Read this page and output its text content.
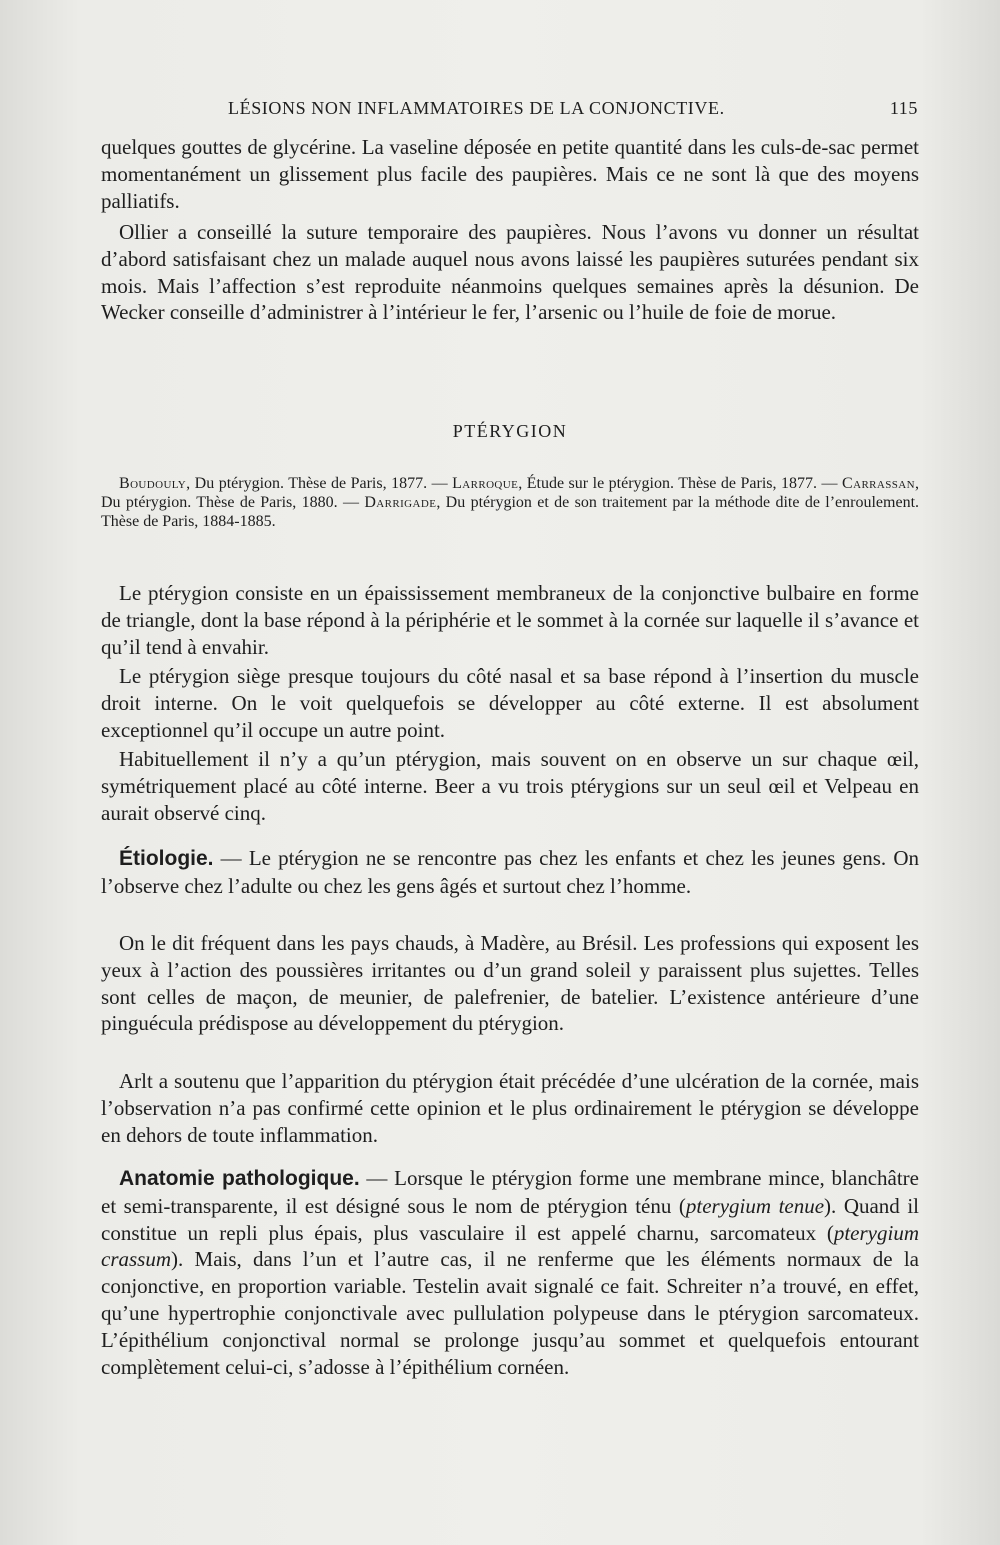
LÉSIONS NON INFLAMMATOIRES DE LA CONJONCTIVE.	115

quelques gouttes de glycérine. La vaseline déposée en petite quantité dans les culs-de-sac permet momentanément un glissement plus facile des paupières. Mais ce ne sont là que des moyens palliatifs.

Ollier a conseillé la suture temporaire des paupières. Nous l’avons vu donner un résultat d’abord satisfaisant chez un malade auquel nous avons laissé les paupières suturées pendant six mois. Mais l’affection s’est reproduite néanmoins quelques semaines après la désunion. De Wecker conseille d’administrer à l’intérieur le fer, l’arsenic ou l’huile de foie de morue.

PTÉRYGION

Boudouly, Du ptérygion. Thèse de Paris, 1877. — Larroque, Étude sur le ptérygion. Thèse de Paris, 1877. — Carrassan, Du ptérygion. Thèse de Paris, 1880. — Darrigade, Du ptérygion et de son traitement par la méthode dite de l’enroulement. Thèse de Paris, 1884-1885.

Le ptérygion consiste en un épaississement membraneux de la conjonctive bulbaire en forme de triangle, dont la base répond à la périphérie et le sommet à la cornée sur laquelle il s’avance et qu’il tend à envahir.

Le ptérygion siège presque toujours du côté nasal et sa base répond à l’insertion du muscle droit interne. On le voit quelquefois se développer au côté externe. Il est absolument exceptionnel qu’il occupe un autre point.

Habituellement il n’y a qu’un ptérygion, mais souvent on en observe un sur chaque œil, symétriquement placé au côté interne. Beer a vu trois ptérygions sur un seul œil et Velpeau en aurait observé cinq.

Étiologie. — Le ptérygion ne se rencontre pas chez les enfants et chez les jeunes gens. On l’observe chez l’adulte ou chez les gens âgés et surtout chez l’homme.

On le dit fréquent dans les pays chauds, à Madère, au Brésil. Les professions qui exposent les yeux à l’action des poussières irritantes ou d’un grand soleil y paraissent plus sujettes. Telles sont celles de maçon, de meunier, de palefrenier, de batelier. L’existence antérieure d’une pinguécula prédispose au développement du ptérygion.

Arlt a soutenu que l’apparition du ptérygion était précédée d’une ulcération de la cornée, mais l’observation n’a pas confirmé cette opinion et le plus ordinairement le ptérygion se développe en dehors de toute inflammation.

Anatomie pathologique. — Lorsque le ptérygion forme une membrane mince, blanchâtre et semi-transparente, il est désigné sous le nom de ptérygion ténu (pterygium tenue). Quand il constitue un repli plus épais, plus vasculaire il est appelé charnu, sarcomateux (pterygium crassum). Mais, dans l’un et l’autre cas, il ne renferme que les éléments normaux de la conjonctive, en proportion variable. Testelin avait signalé ce fait. Schreiter n’a trouvé, en effet, qu’une hypertrophie conjonctivale avec pullulation polypeuse dans le ptérygion sarcomateux. L’épithélium conjonctival normal se prolonge jusqu’au sommet et quelquefois entourant complètement celui-ci, s’adosse à l’épithélium cornéen.
